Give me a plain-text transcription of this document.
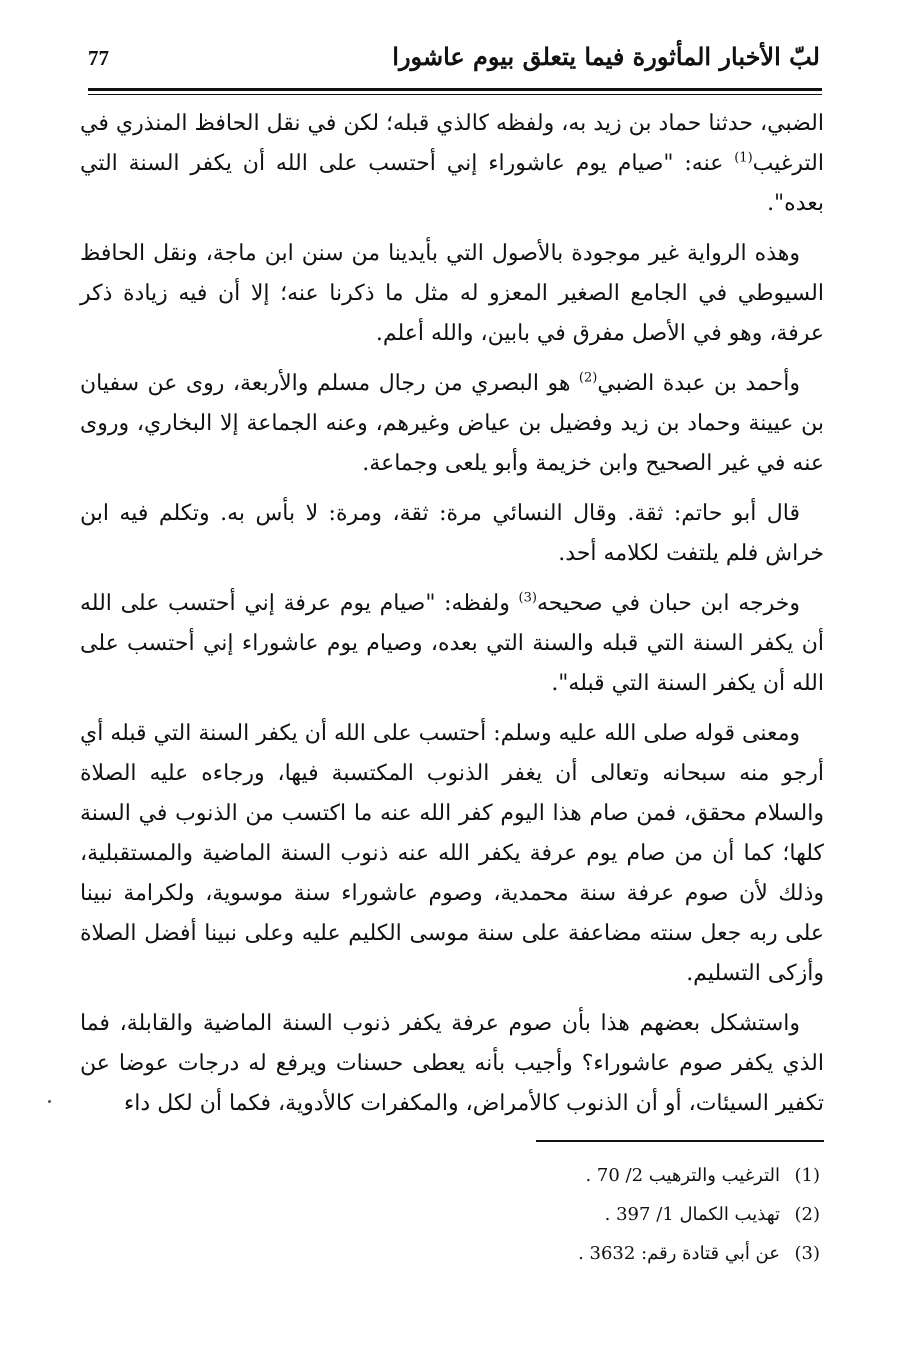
77	لبّ الأخبار المأثورة فيما يتعلق بيوم عاشورا

الضبي، حدثنا حماد بن زيد به، ولفظه كالذي قبله؛ لكن في نقل الحافظ المنذري في الترغيب$^{(1)}$ عنه: "صيام يوم عاشوراء إني أحتسب على الله أن يكفر السنة التي بعده".

وهذه الرواية غير موجودة بالأصول التي بأيدينا من سنن ابن ماجة، ونقل الحافظ السيوطي في الجامع الصغير المعزو له مثل ما ذكرنا عنه؛ إلا أن فيه زيادة ذكر عرفة، وهو في الأصل مفرق في بابين، والله أعلم.

وأحمد بن عبدة الضبي$^{(2)}$ هو البصري من رجال مسلم والأربعة، روى عن سفيان بن عيينة وحماد بن زيد وفضيل بن عياض وغيرهم، وعنه الجماعة إلا البخاري، وروى عنه في غير الصحيح وابن خزيمة وأبو يلعى وجماعة.

قال أبو حاتم: ثقة. وقال النسائي مرة: ثقة، ومرة: لا بأس به. وتكلم فيه ابن خراش فلم يلتفت لكلامه أحد.

وخرجه ابن حبان في صحيحه$^{(3)}$ ولفظه: "صيام يوم عرفة إني أحتسب على الله أن يكفر السنة التي قبله والسنة التي بعده، وصيام يوم عاشوراء إني أحتسب على الله أن يكفر السنة التي قبله".

ومعنى قوله صلى الله عليه وسلم: أحتسب على الله أن يكفر السنة التي قبله أي أرجو منه سبحانه وتعالى أن يغفر الذنوب المكتسبة فيها، ورجاءه عليه الصلاة والسلام محقق، فمن صام هذا اليوم كفر الله عنه ما اكتسب من الذنوب في السنة كلها؛ كما أن من صام يوم عرفة يكفر الله عنه ذنوب السنة الماضية والمستقبلية، وذلك لأن صوم عرفة سنة محمدية، وصوم عاشوراء سنة موسوية، ولكرامة نبينا على ربه جعل سنته مضاعفة على سنة موسى الكليم عليه وعلى نبينا أفضل الصلاة وأزكى التسليم.

واستشكل بعضهم هذا بأن صوم عرفة يكفر ذنوب السنة الماضية والقابلة، فما الذي يكفر صوم عاشوراء؟ وأجيب بأنه يعطى حسنات ويرفع له درجات عوضا عن تكفير السيئات، أو أن الذنوب كالأمراض، والمكفرات كالأدوية، فكما أن لكل داء

(1)الترغيب والترهيب 2/ 70 .
(2)تهذيب الكمال 1/ 397 .
(3)عن أبي قتادة رقم: 3632 .
